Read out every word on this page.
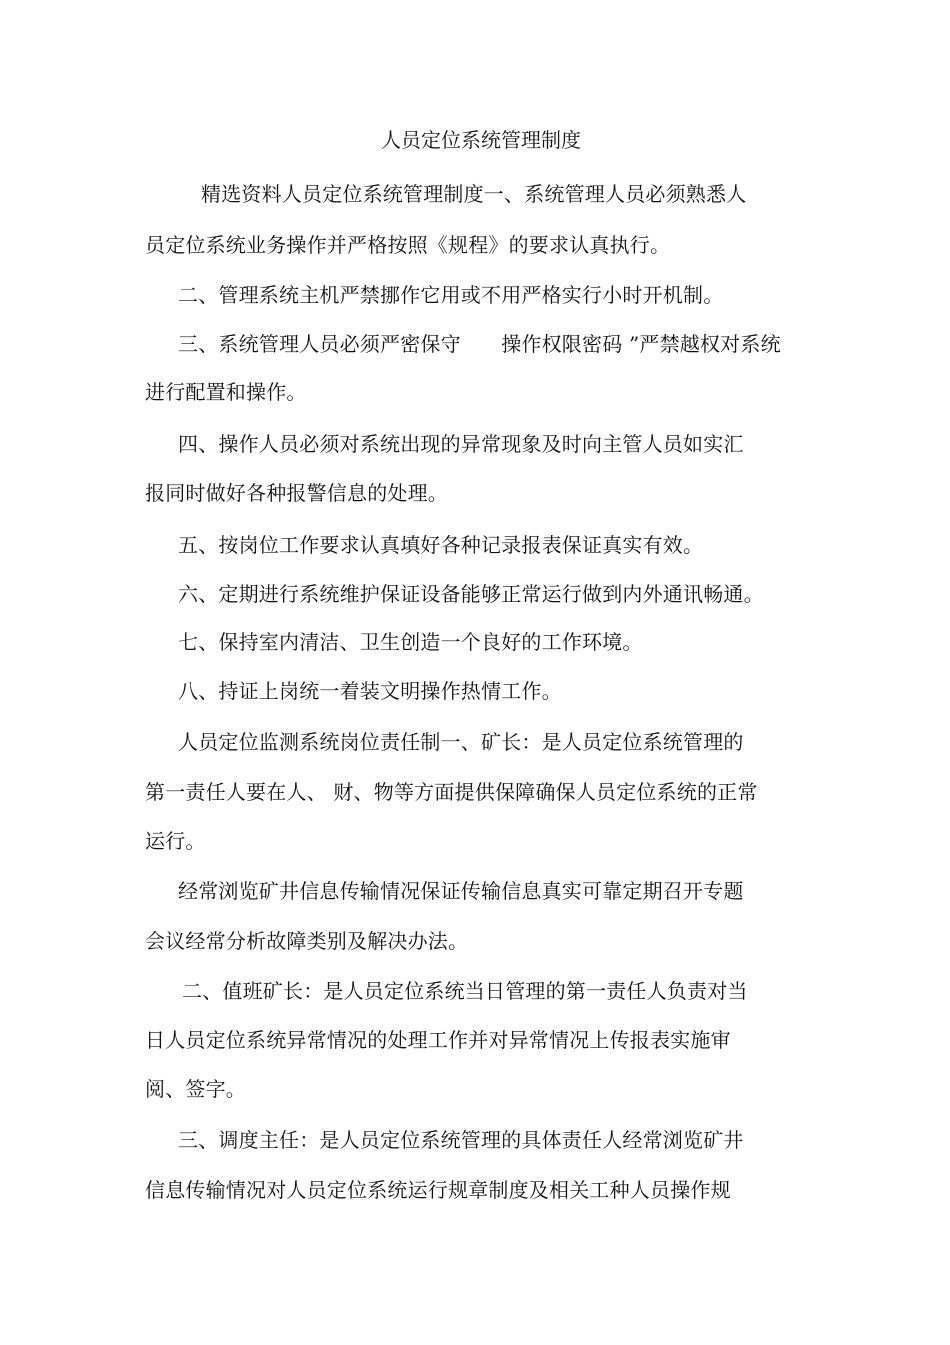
人员定位系统管理制度
精选资料人员定位系统管理制度一、系统管理人员必须熟悉人
员定位系统业务操作并严格按照《规程》的要求认真执行。
二、管理系统主机严禁挪作它用或不用严格实行小时开机制。
三、系统管理人员必须严密保守　　操作权限密码 ”严禁越权对系统
进行配置和操作。
四、操作人员必须对系统出现的异常现象及时向主管人员如实汇
报同时做好各种报警信息的处理。
五、按岗位工作要求认真填好各种记录报表保证真实有效。
六、定期进行系统维护保证设备能够正常运行做到内外通讯畅通。
七、保持室内清洁、卫生创造一个良好的工作环境。
八、持证上岗统一着装文明操作热情工作。
人员定位监测系统岗位责任制一、矿长：是人员定位系统管理的
第一责任人要在人、 财、物等方面提供保障确保人员定位系统的正常
运行。
经常浏览矿井信息传输情况保证传输信息真实可靠定期召开专题
会议经常分析故障类别及解决办法。
二、值班矿长：是人员定位系统当日管理的第一责任人负责对当
日人员定位系统异常情况的处理工作并对异常情况上传报表实施审
阅、签字。
三、调度主任：是人员定位系统管理的具体责任人经常浏览矿井
信息传输情况对人员定位系统运行规章制度及相关工种人员操作规
